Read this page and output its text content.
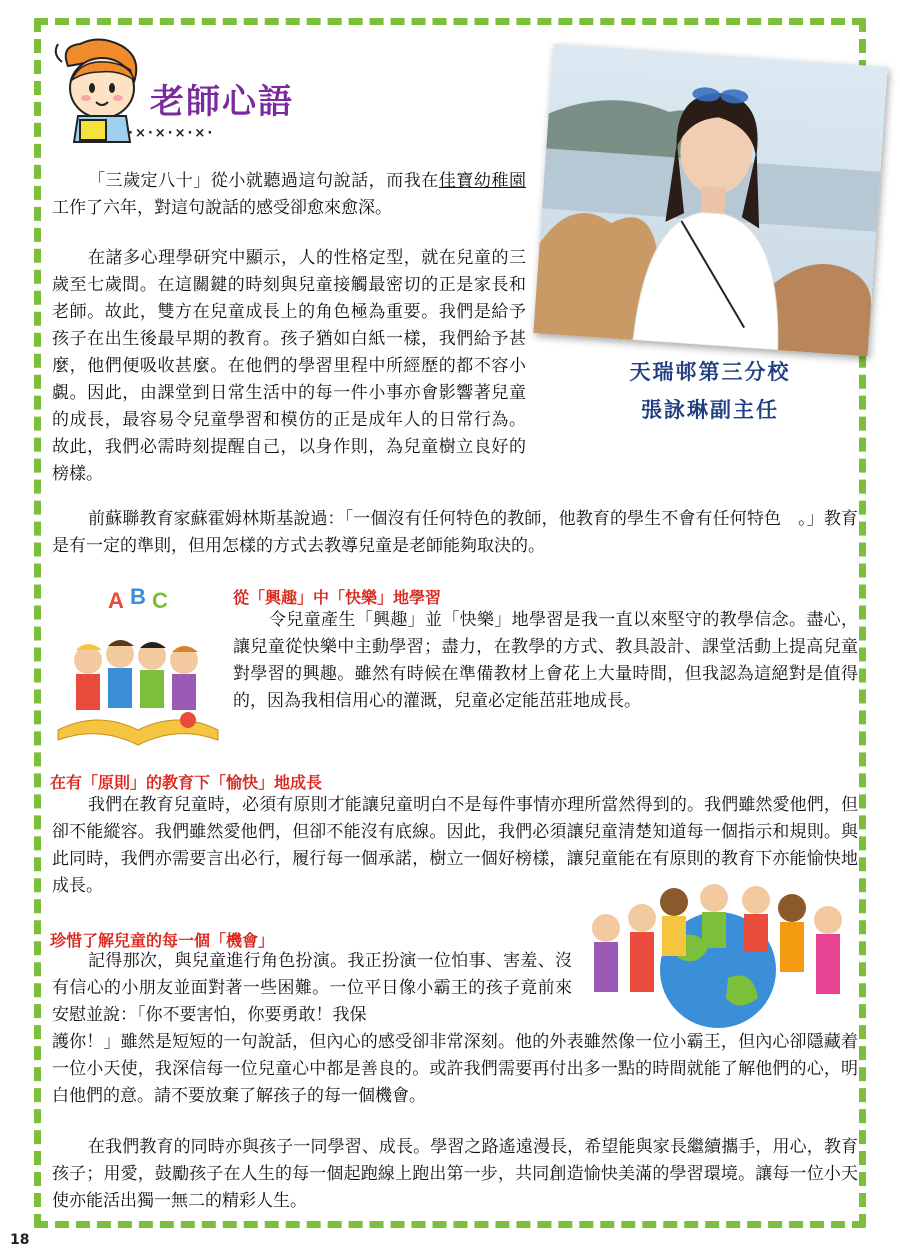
老師心語
·×·×·×·×·
天瑞邨第三分校
張詠琳副主任

「三歲定八十」從小就聽過這句說話，而我在佳寶幼稚園工作了六年，對這句說話的感受卻愈來愈深。

在諸多心理學研究中顯示，人的性格定型，就在兒童的三歲至七歲間。在這關鍵的時刻與兒童接觸最密切的正是家長和老師。故此，雙方在兒童成長上的角色極為重要。我們是給予孩子在出生後最早期的教育。孩子猶如白紙一樣，我們給予甚麼，他們便吸收甚麼。在他們的學習里程中所經歷的都不容小覷。因此，由課堂到日常生活中的每一件小事亦會影響著兒童的成長，最容易令兒童學習和模仿的正是成年人的日常行為。故此，我們必需時刻提醒自己，以身作則，為兒童樹立良好的榜樣。

前蘇聯教育家蘇霍姆林斯基說過：「一個沒有任何特色的教師，他教育的學生不會有任何特色　。」教育是有一定的準則，但用怎樣的方式去教導兒童是老師能夠取決的。

A B C	從「興趣」中「快樂」地學習

令兒童產生「興趣」並「快樂」地學習是我一直以來堅守的教學信念。盡心，讓兒童從快樂中主動學習；盡力，在教學的方式、教具設計、課堂活動上提高兒童對學習的興趣。雖然有時候在準備教材上會花上大量時間，但我認為這絕對是值得的，因為我相信用心的灌溉，兒童必定能茁莊地成長。

在有「原則」的教育下「愉快」地成長

我們在教育兒童時，必須有原則才能讓兒童明白不是每件事情亦理所當然得到的。我們雖然愛他們，但卻不能縱容。我們雖然愛他們，但卻不能沒有底線。因此，我們必須讓兒童清楚知道每一個指示和規則。與此同時，我們亦需要言出必行，履行每一個承諾，樹立一個好榜樣，讓兒童能在有原則的教育下亦能愉快地成長。

珍惜了解兒童的每一個「機會」

記得那次，與兒童進行角色扮演。我正扮演一位怕事、害羞、沒有信心的小朋友並面對著一些困難。一位平日像小霸王的孩子竟前來安慰並說：「你不要害怕，你要勇敢！我保

護你！」雖然是短短的一句說話，但內心的感受卻非常深刻。他的外表雖然像一位小霸王，但內心卻隱藏着一位小天使，我深信每一位兒童心中都是善良的。或許我們需要再付出多一點的時間就能了解他們的心，明白他們的意。請不要放棄了解孩子的每一個機會。

在我們教育的同時亦與孩子一同學習、成長。學習之路遙遠漫長，希望能與家長繼續攜手，用心，教育孩子；用愛，鼓勵孩子在人生的每一個起跑線上跑出第一步，共同創造愉快美滿的學習環境。讓每一位小天使亦能活出獨一無二的精彩人生。

18
